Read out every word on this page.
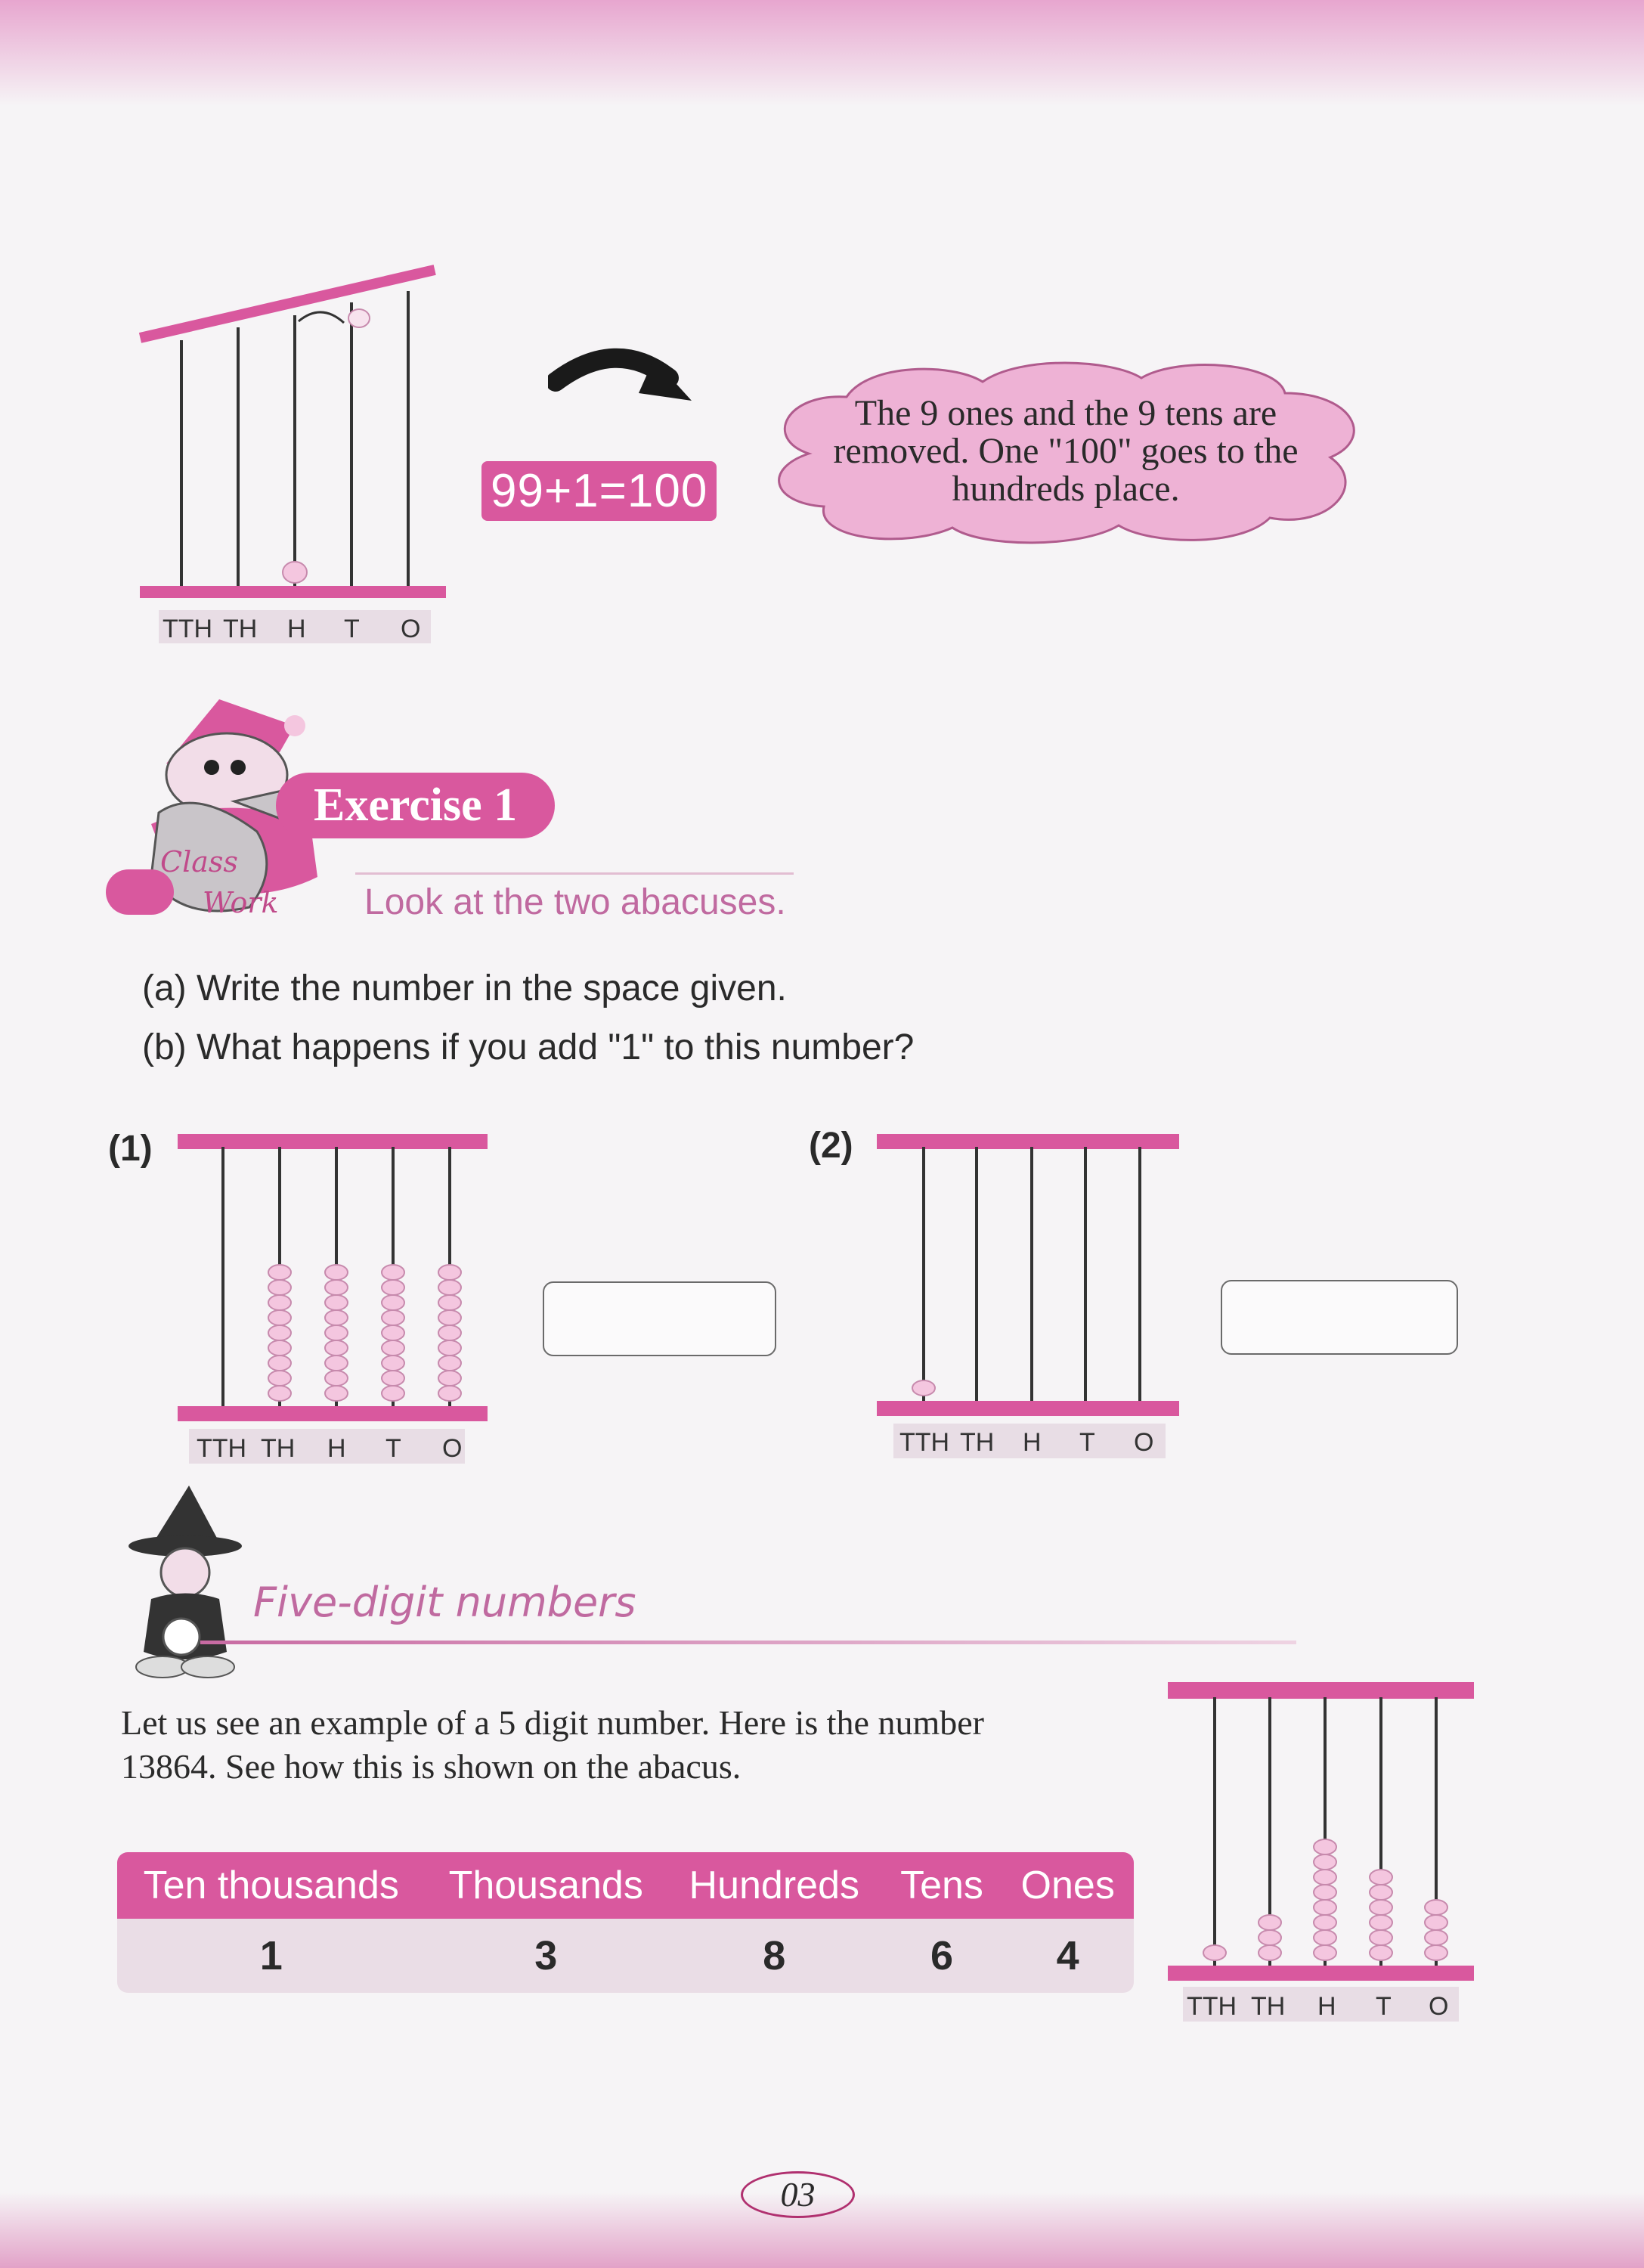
TTH TH H T O
99+1=100
The 9 ones and the 9 tens are removed. One "100" goes to the hundreds place.
Class
Work
Exercise 1
Look at the two abacuses.
(a) Write the number in the space given.
(b) What happens if you add "1" to this number?
(1)
TTH TH H T O
(2)
TTH TH H T O
Five-digit numbers
Let us see an example of a 5 digit number. Here is the number 13864. See how this is shown on the abacus.
Ten thousands	Thousands	Hundreds	Tens	Ones
1	3	8	6	4
TTH TH H T O
03
